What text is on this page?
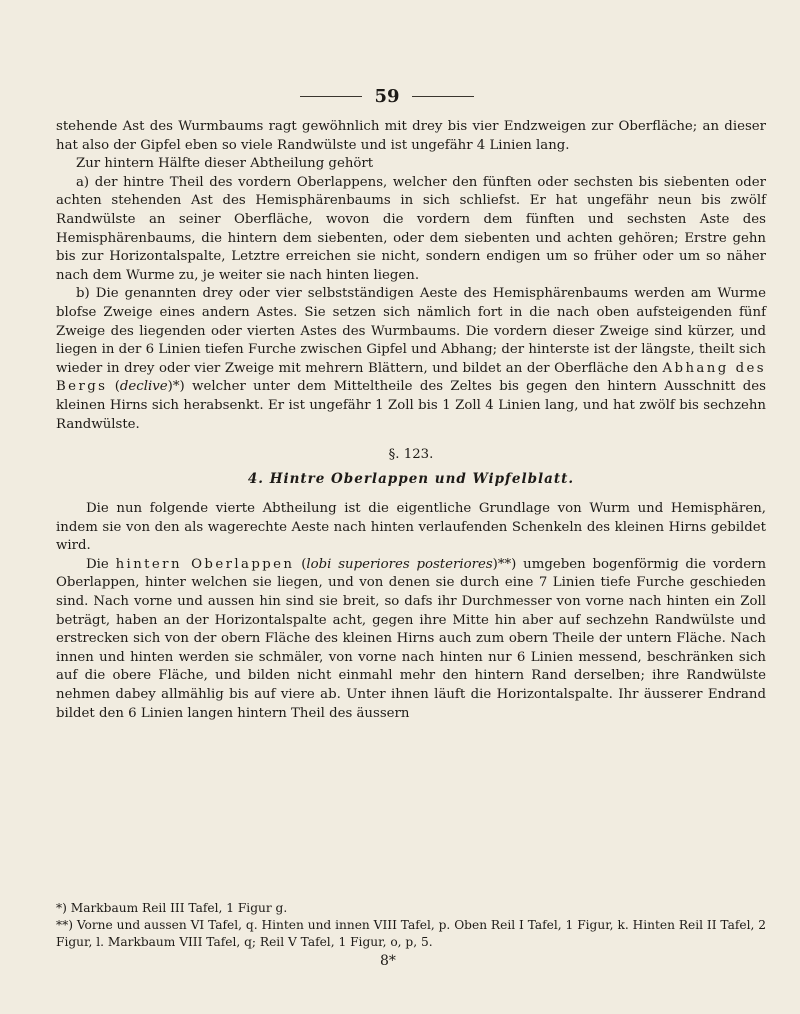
59

stehende Ast des Wurmbaums ragt gewöhnlich mit drey bis vier Endzweigen zur Oberfläche; an dieser hat also der Gipfel eben so viele Randwülste und ist ungefähr 4 Linien lang.

Zur hintern Hälfte dieser Abtheilung gehört

a) der hintre Theil des vordern Oberlappens, welcher den fünften oder sechsten bis siebenten oder achten stehenden Ast des Hemisphärenbaums in sich schliefst. Er hat ungefähr neun bis zwölf Randwülste an seiner Oberfläche, wovon die vordern dem fünften und sechsten Aste des Hemisphärenbaums, die hintern dem siebenten, oder dem siebenten und achten gehören; Erstre gehn bis zur Horizontalspalte, Letztre erreichen sie nicht, sondern endigen um so früher oder um so näher nach dem Wurme zu, je weiter sie nach hinten liegen.

b) Die genannten drey oder vier selbstständigen Aeste des Hemisphärenbaums werden am Wurme blofse Zweige eines andern Astes. Sie setzen sich nämlich fort in die nach oben aufsteigenden fünf Zweige des liegenden oder vierten Astes des Wurmbaums. Die vordern dieser Zweige sind kürzer, und liegen in der 6 Linien tiefen Furche zwischen Gipfel und Abhang; der hinterste ist der längste, theilt sich wieder in drey oder vier Zweige mit mehrern Blättern, und bildet an der Oberfläche den Abhang des Bergs (declive)*) welcher unter dem Mitteltheile des Zeltes bis gegen den hintern Ausschnitt des kleinen Hirns sich herabsenkt. Er ist ungefähr 1 Zoll bis 1 Zoll 4 Linien lang, und hat zwölf bis sechzehn Randwülste.

§. 123.
4. Hintre Oberlappen und Wipfelblatt.

Die nun folgende vierte Abtheilung ist die eigentliche Grundlage von Wurm und Hemisphären, indem sie von den als wagerechte Aeste nach hinten verlaufenden Schenkeln des kleinen Hirns gebildet wird.

Die hintern Oberlappen (lobi superiores posteriores)**) umgeben bogenförmig die vordern Oberlappen, hinter welchen sie liegen, und von denen sie durch eine 7 Linien tiefe Furche geschieden sind. Nach vorne und aussen hin sind sie breit, so dafs ihr Durchmesser von vorne nach hinten ein Zoll beträgt, haben an der Horizontalspalte acht, gegen ihre Mitte hin aber auf sechzehn Randwülste und erstrecken sich von der obern Fläche des kleinen Hirns auch zum obern Theile der untern Fläche. Nach innen und hinten werden sie schmäler, von vorne nach hinten nur 6 Linien messend, beschränken sich auf die obere Fläche, und bilden nicht einmahl mehr den hintern Rand derselben; ihre Randwülste nehmen dabey allmählig bis auf viere ab. Unter ihnen läuft die Horizontalspalte. Ihr äusserer Endrand bildet den 6 Linien langen hintern Theil des äussern

*) Markbaum Reil III Tafel, 1 Figur g.

**) Vorne und aussen VI Tafel, q. Hinten und innen VIII Tafel, p. Oben Reil I Tafel, 1 Figur, k. Hinten Reil II Tafel, 2 Figur, l. Markbaum VIII Tafel, q; Reil V Tafel, 1 Figur, o, p, 5.

8*
